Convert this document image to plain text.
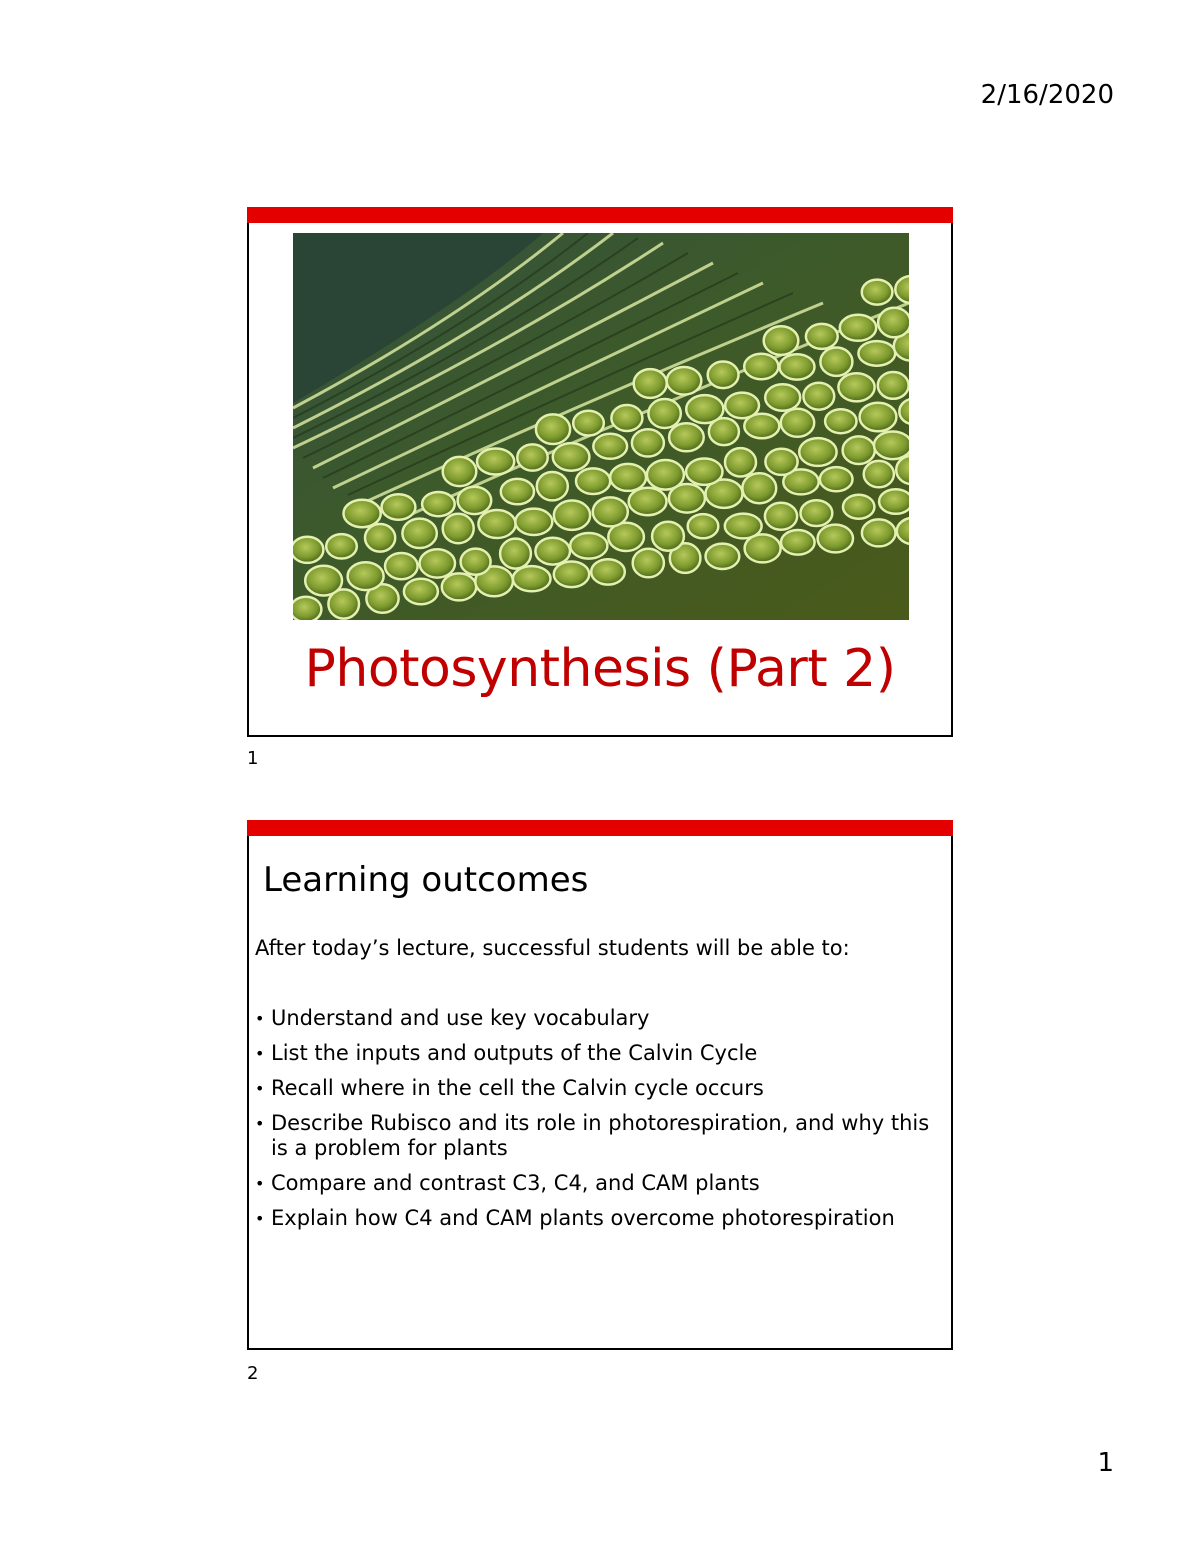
2/16/2020
Photosynthesis (Part 2)
1
Learning outcomes
After today’s lecture, successful students will be able to:
• Understand and use key vocabulary
• List the inputs and outputs of the Calvin Cycle
• Recall where in the cell the Calvin cycle occurs
• Describe Rubisco and its role in photorespiration, and why this is a problem for plants
• Compare and contrast C3, C4, and CAM plants
• Explain how C4 and CAM plants overcome photorespiration
2
1
